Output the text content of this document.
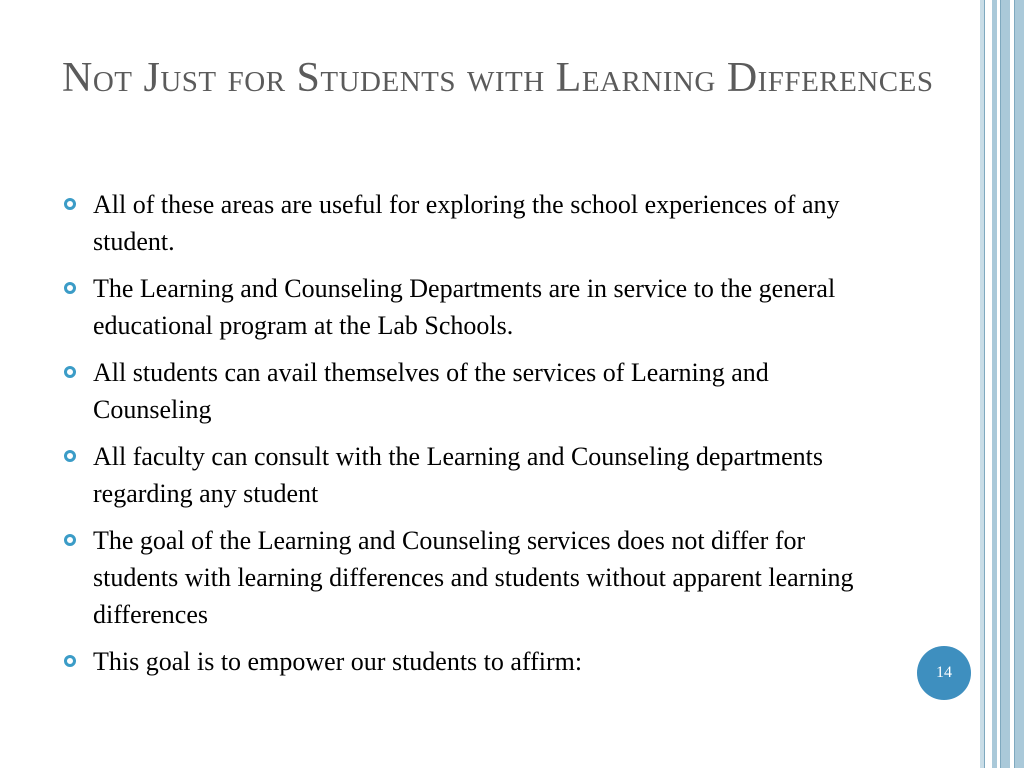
Not Just for Students with Learning Differences
All of these areas are useful for exploring the school experiences of any student.
The Learning and Counseling Departments are in service to the general educational program at the Lab Schools.
All students can avail themselves of the services of Learning and Counseling
All faculty can consult with the Learning and Counseling departments regarding any student
The goal of the Learning and Counseling services does not differ for students with learning differences and students without apparent learning differences
This goal is to empower our students to affirm:	14
